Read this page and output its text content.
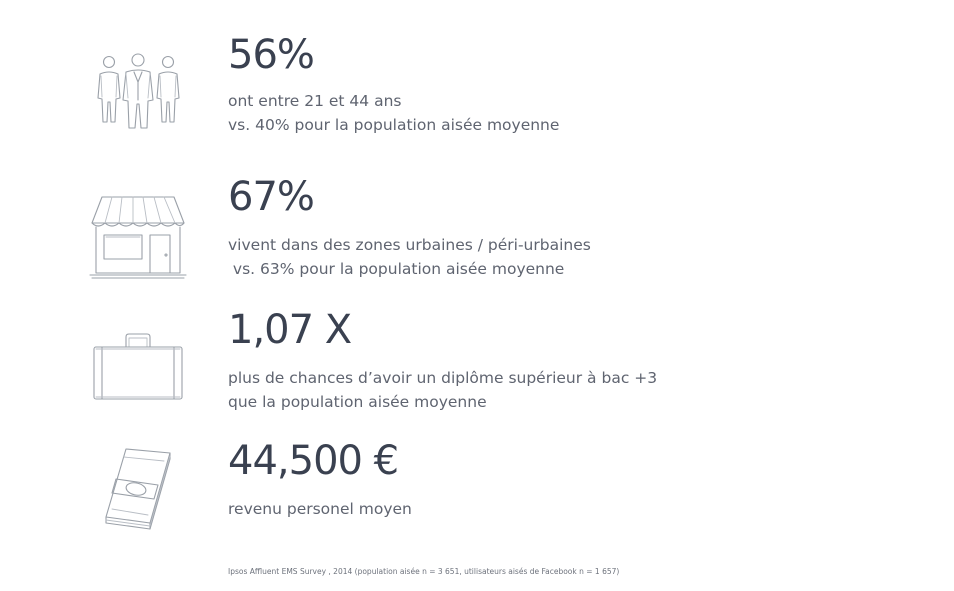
56%
ont entre 21 et 44 ans
vs. 40% pour la population aisée moyenne
67%
vivent dans des zones urbaines / péri-urbaines
vs. 63% pour la population aisée moyenne
1,07 X
plus de chances d’avoir un diplôme supérieur à bac +3
que la population aisée moyenne
44,500 €
revenu personel moyen

Ipsos Affluent EMS Survey , 2014 (population aisée n = 3 651, utilisateurs aisés de Facebook n = 1 657)
